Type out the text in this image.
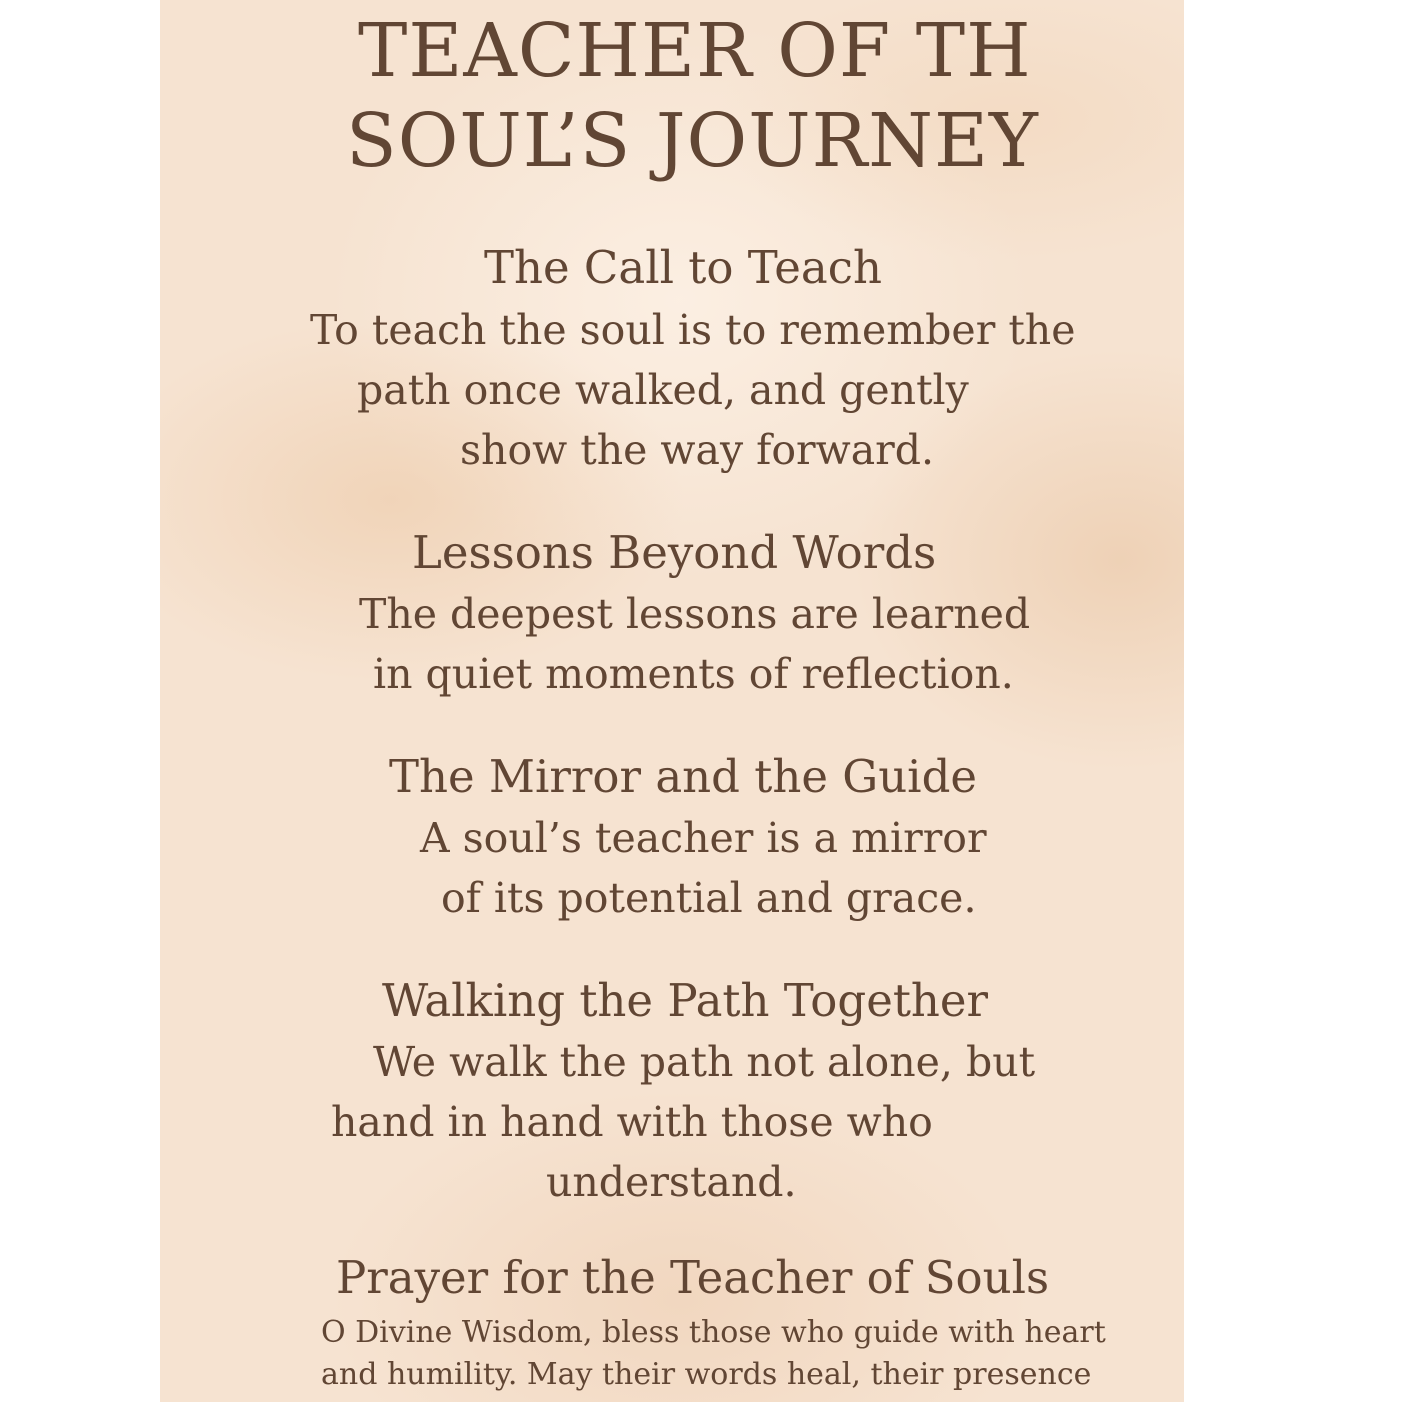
TEACHER OF TH
SOUL’S JOURNEY
The Call to Teach

To teach the soul is to remember the

path once walked, and gently

show the way forward.

Lessons Beyond Words

The deepest lessons are learned

in quiet moments of reflection.

The Mirror and the Guide

A soul’s teacher is a mirror

of its potential and grace.

Walking the Path Together

We walk the path not alone, but

hand in hand with those who

understand.

Prayer for the Teacher of Souls

O Divine Wisdom, bless those who guide with heart

and humility. May their words heal, their presence
